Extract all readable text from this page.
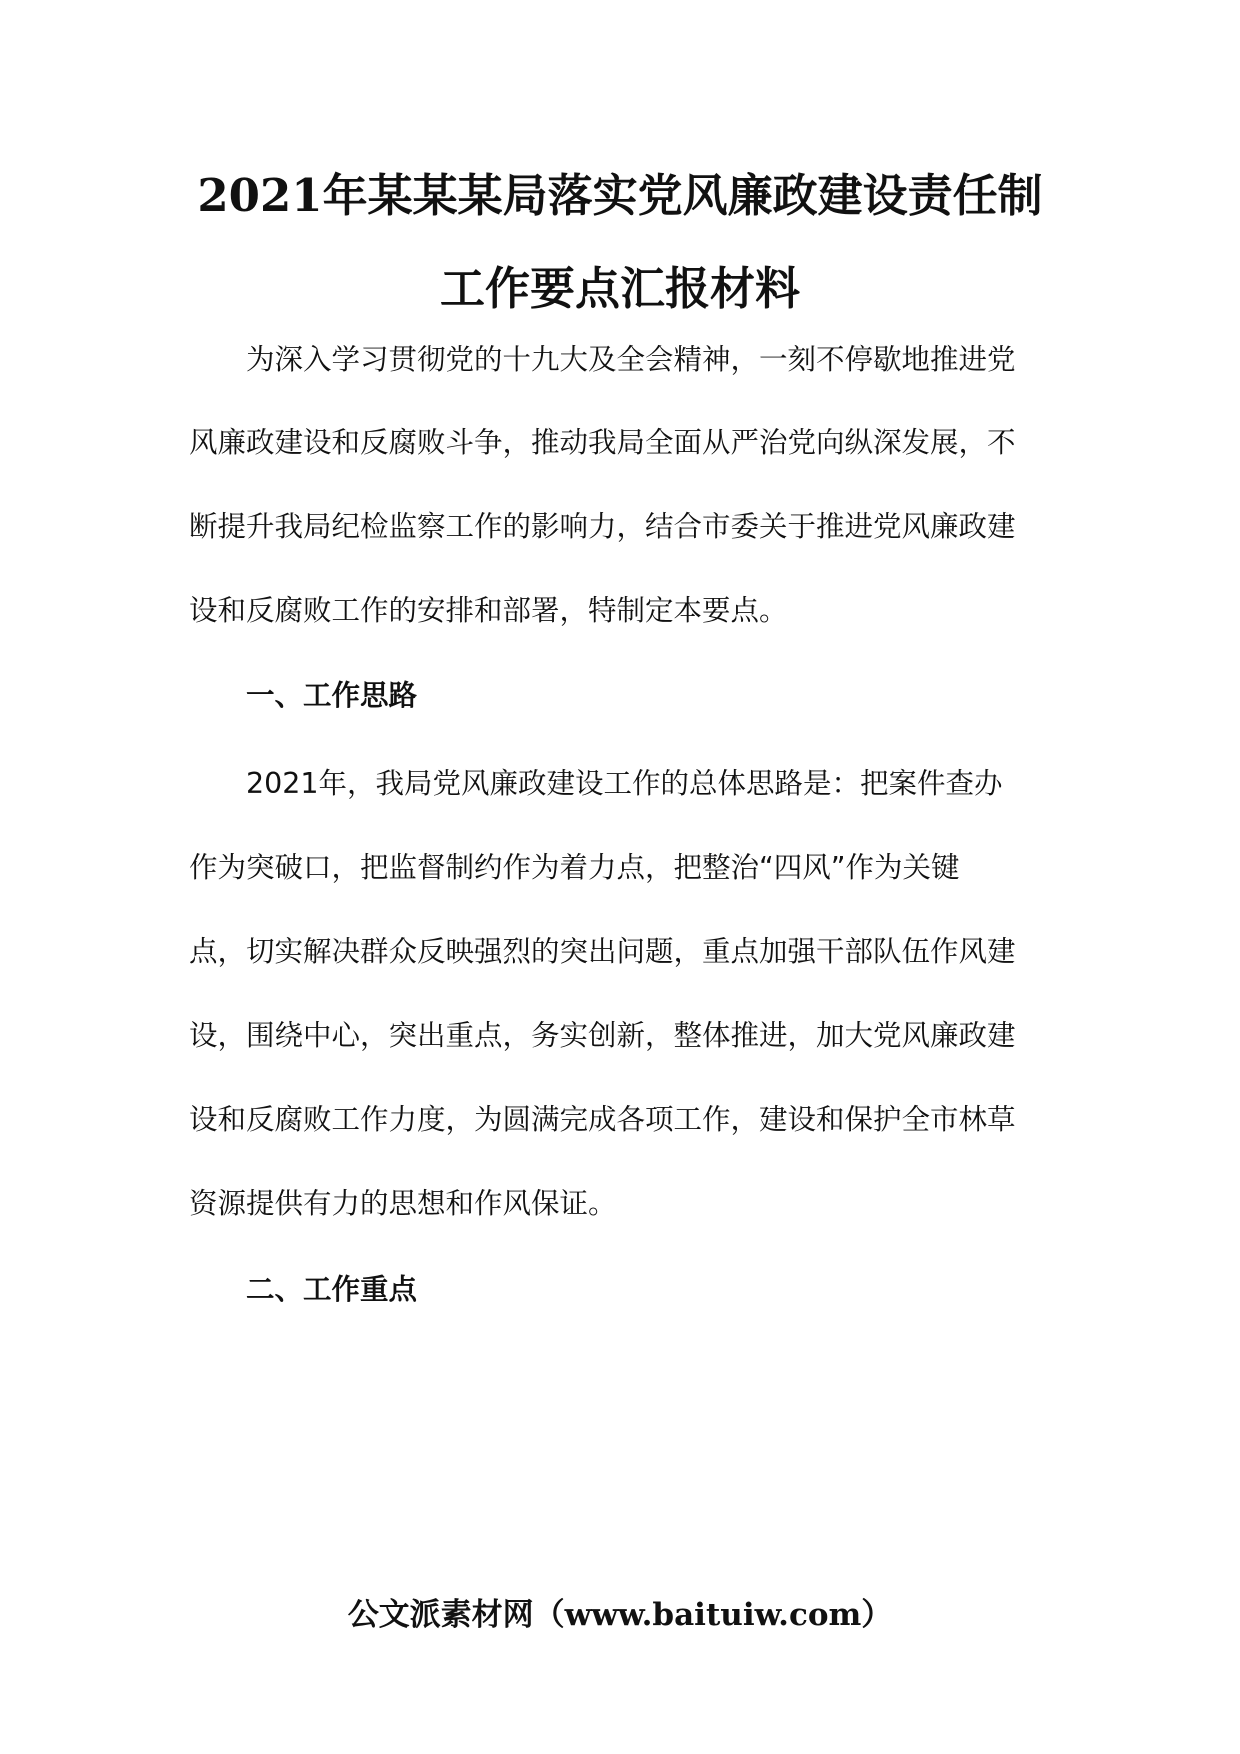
2021年某某某局落实党风廉政建设责任制
工作要点汇报材料

为深入学习贯彻党的十九大及全会精神，一刻不停歇地推进党

风廉政建设和反腐败斗争，推动我局全面从严治党向纵深发展，不

断提升我局纪检监察工作的影响力，结合市委关于推进党风廉政建

设和反腐败工作的安排和部署，特制定本要点。

一、工作思路

2021年，我局党风廉政建设工作的总体思路是：把案件查办

作为突破口，把监督制约作为着力点，把整治“四风”作为关键

点，切实解决群众反映强烈的突出问题，重点加强干部队伍作风建

设，围绕中心，突出重点，务实创新，整体推进，加大党风廉政建

设和反腐败工作力度，为圆满完成各项工作，建设和保护全市林草

资源提供有力的思想和作风保证。

二、工作重点

公文派素材网（www.baituiw.com）
